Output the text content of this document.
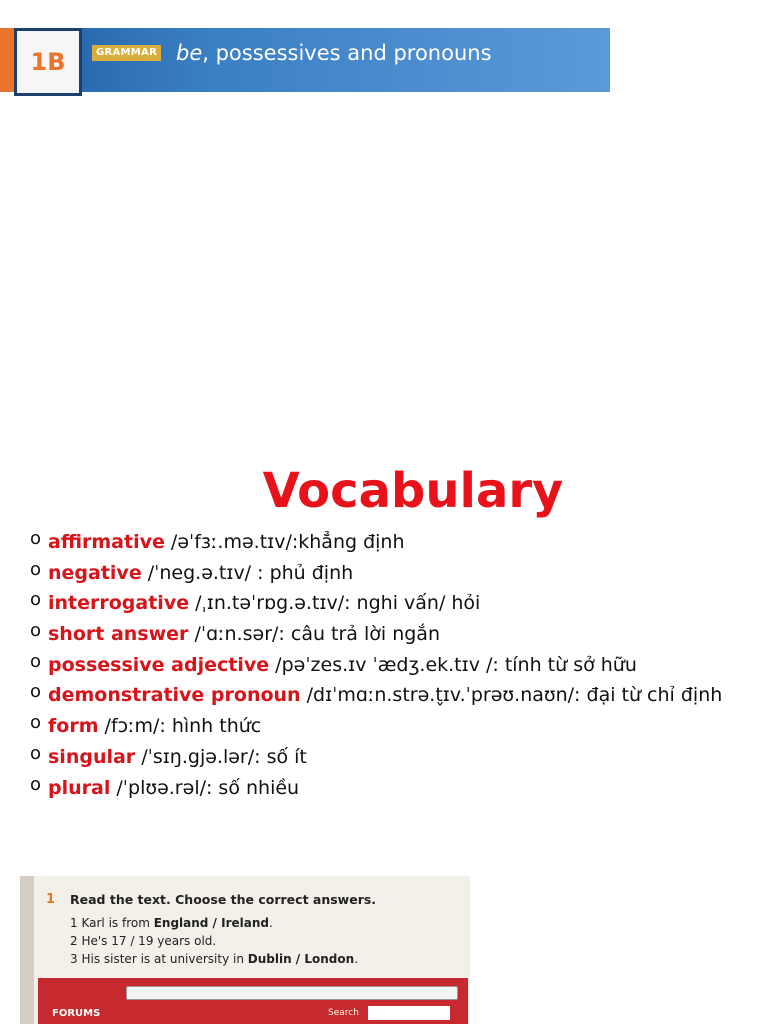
GRAMMAR be, possessives and pronouns
1B
Vocabulary
o affirmative /əˈfɜː.mə.tɪv/:khẳng định
o negative /ˈneg.ə.tɪv/ : phủ định
o interrogative /ˌɪn.təˈrɒg.ə.tɪv/: nghi vấn/ hỏi
o short answer /ˈɑːn.sər/: câu trả lời ngắn
o possessive adjective /pəˈzes.ɪv ˈædʒ.ek.tɪv /: tính từ sở hữu
o demonstrative pronoun /dɪˈmɑːn.strə.t̬ɪv.ˈprəʊ.naʊn/: đại từ chỉ định
o form /fɔːm/: hình thức
o singular /ˈsɪŋ.gjə.lər/: số ít
o plural /ˈplʊə.rəl/: số nhiều
1 Read the text. Choose the correct answers.
1 Karl is from England / Ireland.
2 He's 17 / 19 years old.
3 His sister is at university in Dublin / London.
FORUMS	Search
